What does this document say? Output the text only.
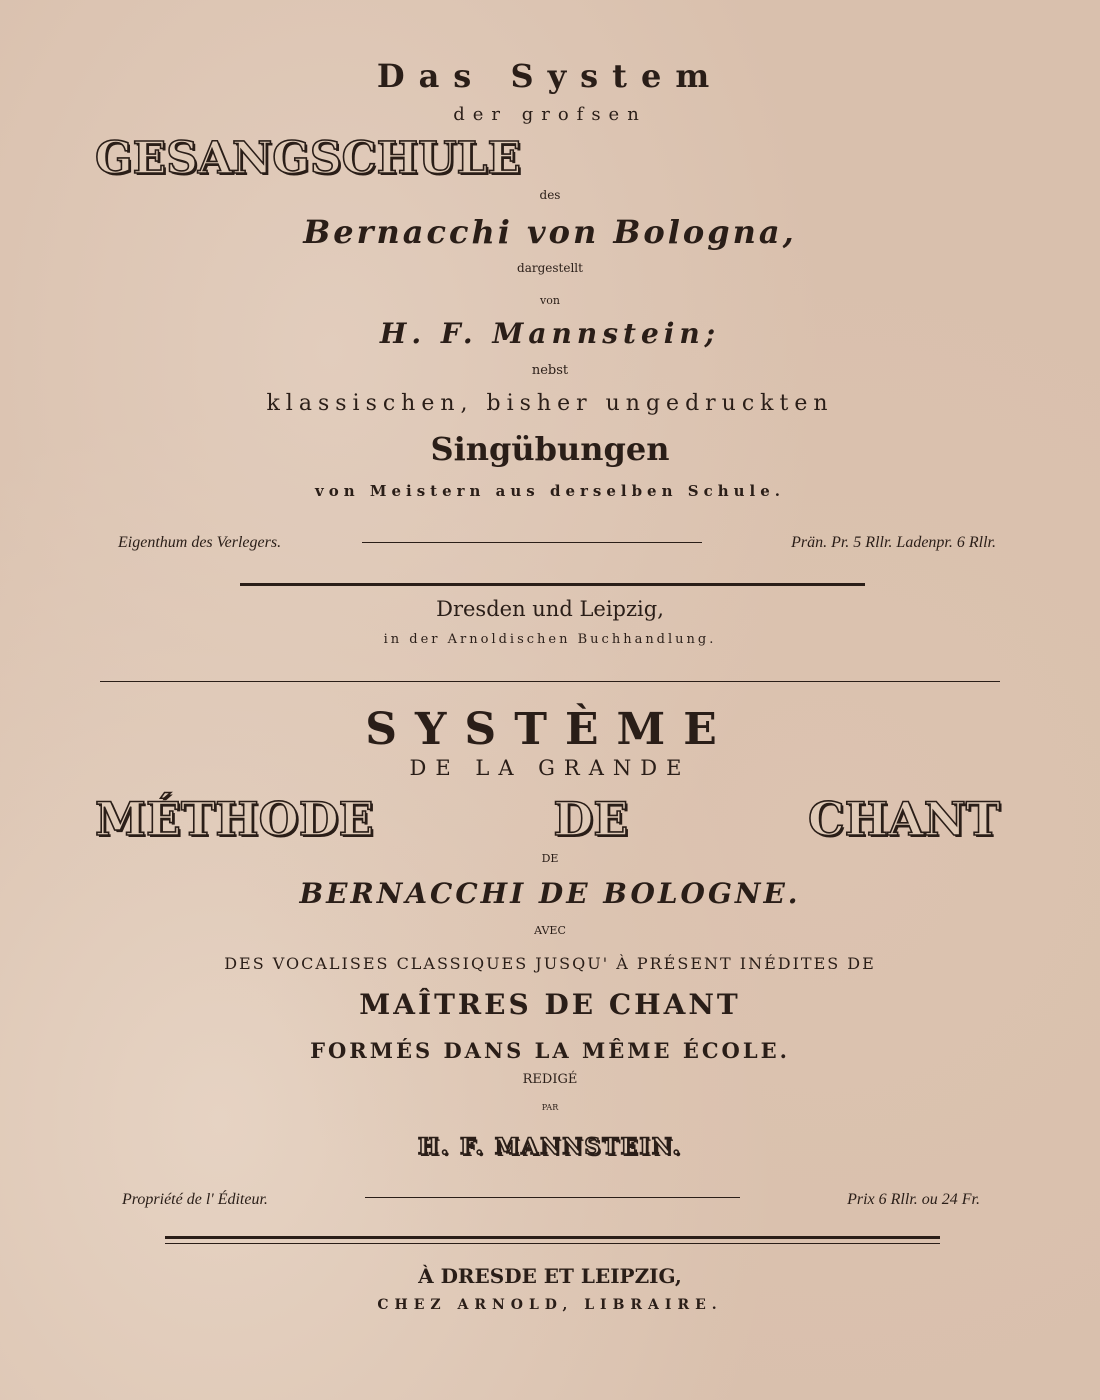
Das System
der grofsen
GESANGSCHULE
des
Bernacchi von Bologna,
dargestellt
von
H. F. Mannstein;
nebst
klassischen, bisher ungedruckten
Singübungen
von Meistern aus derselben Schule.
Eigenthum des Verlegers.	Prän. Pr. 5 Rllr. Ladenpr. 6 Rllr.
Dresden und Leipzig,
in der Arnoldischen Buchhandlung.
SYSTÈME
DE LA GRANDE
MÉTHODE DE CHANT
DE
BERNACCHI DE BOLOGNE.
AVEC
DES VOCALISES CLASSIQUES JUSQU' À PRÉSENT INÉDITES DE
MAÎTRES DE CHANT
FORMÉS DANS LA MÊME ÉCOLE.
REDIGÉ
PAR
H. F. MANNSTEIN.
Propriété de l' Éditeur.	Prix 6 Rllr. ou 24 Fr.
À DRESDE ET LEIPZIG,
CHEZ ARNOLD, LIBRAIRE.
